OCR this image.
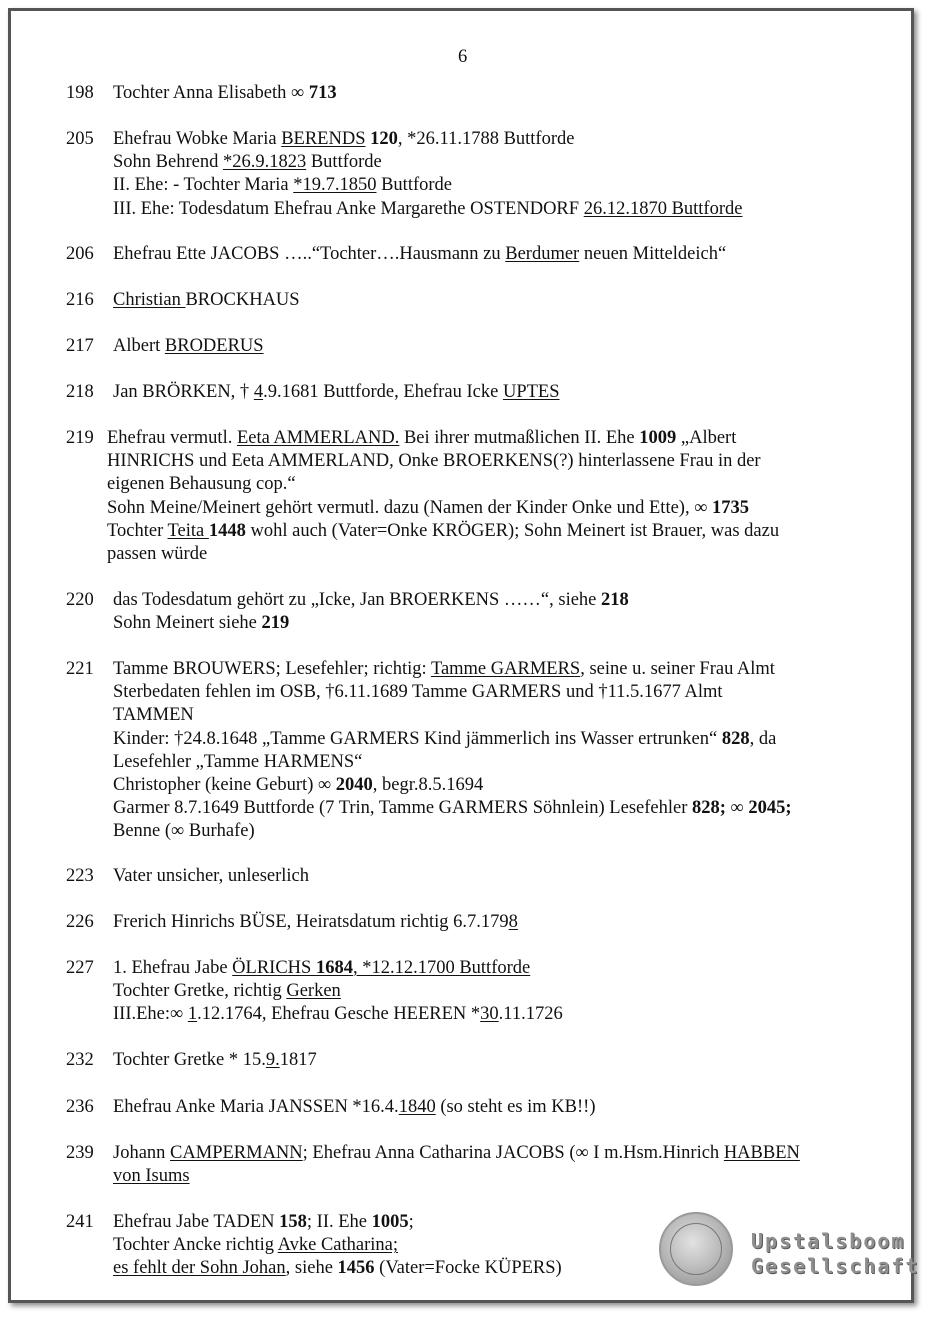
6
198 Tochter Anna Elisabeth ∞ 713
205 Ehefrau Wobke Maria BERENDS 120, *26.11.1788 Buttforde
Sohn Behrend *26.9.1823 Buttforde
II. Ehe: - Tochter Maria *19.7.1850 Buttforde
III. Ehe: Todesdatum Ehefrau Anke Margarethe OSTENDORF 26.12.1870 Buttforde
206 Ehefrau Ette JACOBS …..“Tochter….Hausmann zu Berdumer neuen Mitteldeich“
216 Christian BROCKHAUS
217 Albert BRODERUS
218 Jan BRÖRKEN, † 4.9.1681 Buttforde, Ehefrau Icke UPTES
219 Ehefrau vermutl. Eeta AMMERLAND. Bei ihrer mutmaßlichen II. Ehe 1009 „Albert
HINRICHS und Eeta AMMERLAND, Onke BROERKENS(?) hinterlassene Frau in der
eigenen Behausung cop.“
Sohn Meine/Meinert gehört vermutl. dazu (Namen der Kinder Onke und Ette), ∞ 1735
Tochter Teita 1448 wohl auch (Vater=Onke KRÖGER); Sohn Meinert ist Brauer, was dazu
passen würde
220 das Todesdatum gehört zu „Icke, Jan BROERKENS ……“, siehe 218
Sohn Meinert siehe 219
221 Tamme BROUWERS; Lesefehler; richtig: Tamme GARMERS, seine u. seiner Frau Almt
Sterbedaten fehlen im OSB, †6.11.1689 Tamme GARMERS und †11.5.1677 Almt
TAMMEN
Kinder: †24.8.1648 „Tamme GARMERS Kind jämmerlich ins Wasser ertrunken“ 828, da
Lesefehler „Tamme HARMENS“
Christopher (keine Geburt) ∞ 2040, begr.8.5.1694
Garmer 8.7.1649 Buttforde (7 Trin, Tamme GARMERS Söhnlein) Lesefehler 828; ∞ 2045;
Benne (∞ Burhafe)
223 Vater unsicher, unleserlich
226 Frerich Hinrichs BÜSE, Heiratsdatum richtig 6.7.1798
227 1. Ehefrau Jabe ÖLRICHS 1684, *12.12.1700 Buttforde
Tochter Gretke, richtig Gerken
III.Ehe:∞ 1.12.1764, Ehefrau Gesche HEEREN *30.11.1726
232 Tochter Gretke * 15.9.1817
236 Ehefrau Anke Maria JANSSEN *16.4.1840 (so steht es im KB!!)
239 Johann CAMPERMANN; Ehefrau Anna Catharina JACOBS (∞ I m.Hsm.Hinrich HABBEN
von Isums
241 Ehefrau Jabe TADEN 158; II. Ehe 1005;
Tochter Ancke richtig Avke Catharina;
es fehlt der Sohn Johan, siehe 1456 (Vater=Focke KÜPERS)
Upstalsboom
Gesellschaft
